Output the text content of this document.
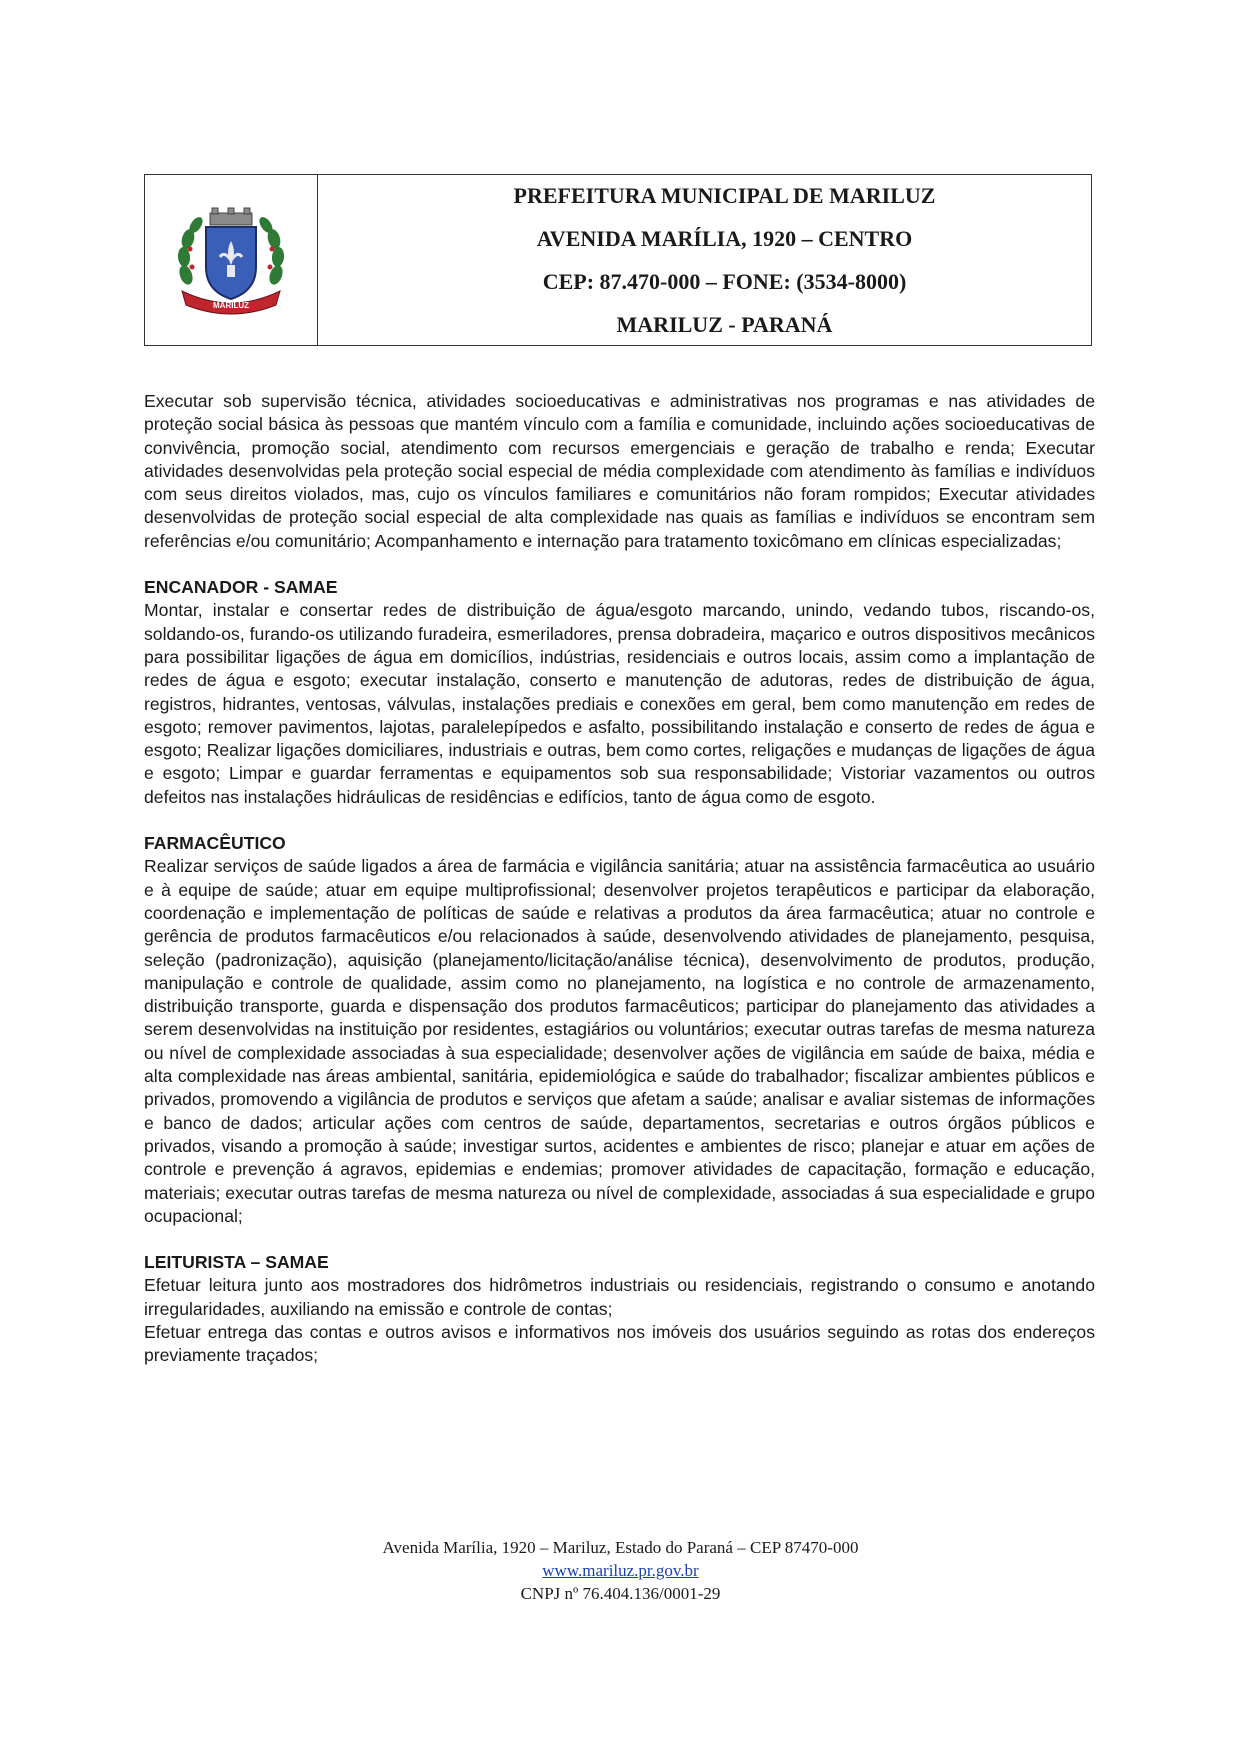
MARILUZ
PREFEITURA MUNICIPAL DE MARILUZ
AVENIDA MARÍLIA, 1920 – CENTRO
CEP: 87.470-000 – FONE: (3534-8000)
MARILUZ - PARANÁ

Executar sob supervisão técnica, atividades socioeducativas e administrativas nos programas e nas atividades de proteção social básica às pessoas que mantém vínculo com a família e comunidade, incluindo ações socioeducativas de convivência, promoção social, atendimento com recursos emergenciais e geração de trabalho e renda; Executar atividades desenvolvidas pela proteção social especial de média complexidade com atendimento às famílias e indivíduos com seus direitos violados, mas, cujo os vínculos familiares e comunitários não foram rompidos; Executar atividades desenvolvidas de proteção social especial de alta complexidade nas quais as famílias e indivíduos se encontram sem referências e/ou comunitário; Acompanhamento e internação para tratamento toxicômano em clínicas especializadas;

ENCANADOR - SAMAE

Montar, instalar e consertar redes de distribuição de água/esgoto marcando, unindo, vedando tubos, riscando-os, soldando-os, furando-os utilizando furadeira, esmeriladores, prensa dobradeira, maçarico e outros dispositivos mecânicos para possibilitar ligações de água em domicílios, indústrias, residenciais e outros locais, assim como a implantação de redes de água e esgoto; executar instalação, conserto e manutenção de adutoras, redes de distribuição de água, registros, hidrantes, ventosas, válvulas, instalações prediais e conexões em geral, bem como manutenção em redes de esgoto; remover pavimentos, lajotas, paralelepípedos e asfalto, possibilitando instalação e conserto de redes de água e esgoto; Realizar ligações domiciliares, industriais e outras, bem como cortes, religações e mudanças de ligações de água e esgoto; Limpar e guardar ferramentas e equipamentos sob sua responsabilidade; Vistoriar vazamentos ou outros defeitos nas instalações hidráulicas de residências e edifícios, tanto de água como de esgoto.

FARMACÊUTICO

Realizar serviços de saúde ligados a área de farmácia e vigilância sanitária; atuar na assistência farmacêutica ao usuário e à equipe de saúde; atuar em equipe multiprofissional; desenvolver projetos terapêuticos e participar da elaboração, coordenação e implementação de políticas de saúde e relativas a produtos da área farmacêutica; atuar no controle e gerência de produtos farmacêuticos e/ou relacionados à saúde, desenvolvendo atividades de planejamento, pesquisa, seleção (padronização), aquisição (planejamento/licitação/análise técnica), desenvolvimento de produtos, produção, manipulação e controle de qualidade, assim como no planejamento, na logística e no controle de armazenamento, distribuição transporte, guarda e dispensação dos produtos farmacêuticos; participar do planejamento das atividades a serem desenvolvidas na instituição por residentes, estagiários ou voluntários; executar outras tarefas de mesma natureza ou nível de complexidade associadas à sua especialidade; desenvolver ações de vigilância em saúde de baixa, média e alta complexidade nas áreas ambiental, sanitária, epidemiológica e saúde do trabalhador; fiscalizar ambientes públicos e privados, promovendo a vigilância de produtos e serviços que afetam a saúde; analisar e avaliar sistemas de informações e banco de dados; articular ações com centros de saúde, departamentos, secretarias e outros órgãos públicos e privados, visando a promoção à saúde; investigar surtos, acidentes e ambientes de risco; planejar e atuar em ações de controle e prevenção á agravos, epidemias e endemias; promover atividades de capacitação, formação e educação, materiais; executar outras tarefas de mesma natureza ou nível de complexidade, associadas á sua especialidade e grupo ocupacional;

LEITURISTA – SAMAE

Efetuar leitura junto aos mostradores dos hidrômetros industriais ou residenciais, registrando o consumo e anotando irregularidades, auxiliando na emissão e controle de contas;

Efetuar entrega das contas e outros avisos e informativos nos imóveis dos usuários seguindo as rotas dos endereços previamente traçados;

Avenida Marília, 1920 – Mariluz, Estado do Paraná – CEP 87470-000
www.mariluz.pr.gov.br
CNPJ nº 76.404.136/0001-29
